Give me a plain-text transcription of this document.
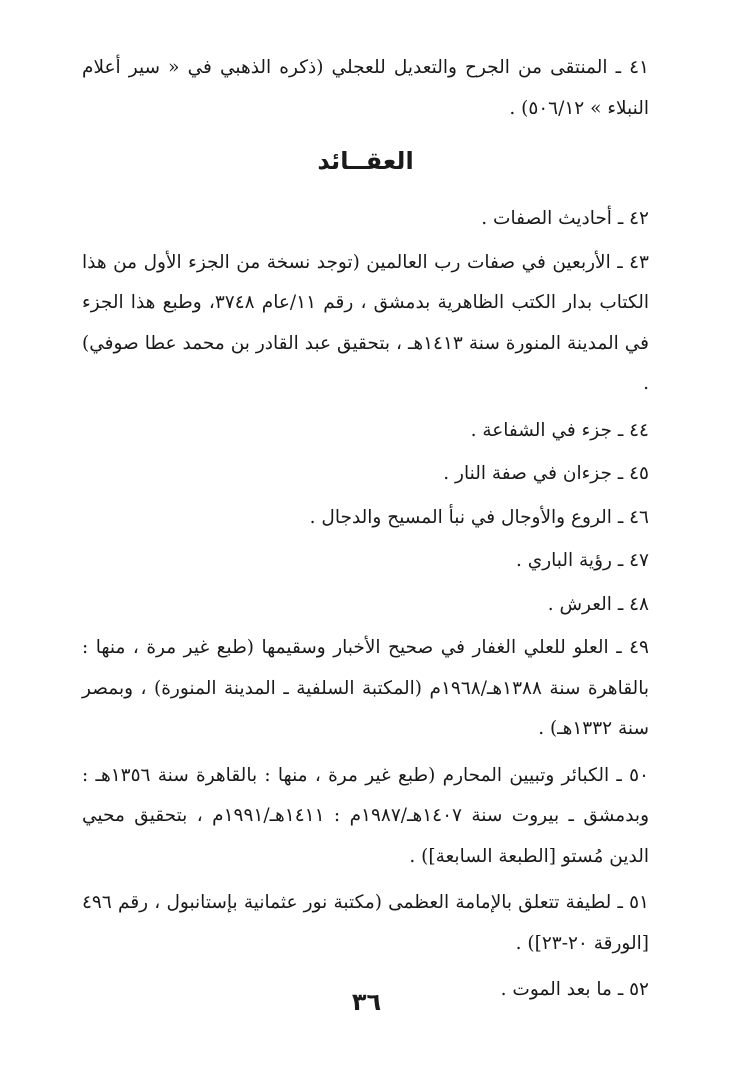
٤١ ـ المنتقى من الجرح والتعديل للعجلي (ذكره الذهبي في « سير أعلام النبلاء » ٥٠٦/١٢) .

العقــائد

٤٢ ـ أحاديث الصفات .

٤٣ ـ الأربعين في صفات رب العالمين (توجد نسخة من الجزء الأول من هذا الكتاب بدار الكتب الظاهرية بدمشق ، رقم ١١/عام ٣٧٤٨، وطبع هذا الجزء في المدينة المنورة سنة ١٤١٣هـ ، بتحقيق عبد القادر بن محمد عطا صوفي) .

٤٤ ـ جزء في الشفاعة .

٤٥ ـ جزءان في صفة النار .

٤٦ ـ الروع والأوجال في نبأ المسيح والدجال .

٤٧ ـ رؤية الباري .

٤٨ ـ العرش .

٤٩ ـ العلو للعلي الغفار في صحيح الأخبار وسقيمها (طبع غير مرة ، منها : بالقاهرة سنة ١٣٨٨هـ/١٩٦٨م (المكتبة السلفية ـ المدينة المنورة) ، وبمصر سنة ١٣٣٢هـ) .

٥٠ ـ الكبائر وتبيين المحارم (طبع غير مرة ، منها : بالقاهرة سنة ١٣٥٦هـ : وبدمشق ـ بيروت سنة ١٤٠٧هـ/١٩٨٧م : ١٤١١هـ/١٩٩١م ، بتحقيق محيي الدين مُستو [الطبعة السابعة]) .

٥١ ـ لطيفة تتعلق بالإمامة العظمى (مكتبة نور عثمانية بإستانبول ، رقم ٤٩٦ [الورقة ٢٠-٢٣]) .

٥٢ ـ ما بعد الموت .

٣٦
